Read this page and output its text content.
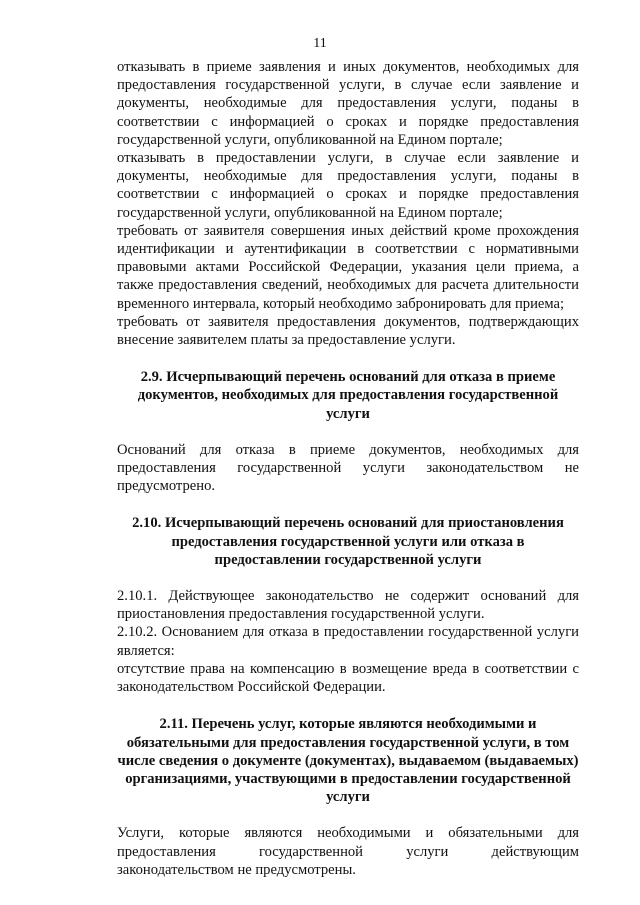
11

отказывать в приеме заявления и иных документов, необходимых для предоставления государственной услуги, в случае если заявление и документы, необходимые для предоставления услуги, поданы в соответствии с информацией о сроках и порядке предоставления государственной услуги, опубликованной на Едином портале;

отказывать в предоставлении услуги, в случае если заявление и документы, необходимые для предоставления услуги, поданы в соответствии с информацией о сроках и порядке предоставления государственной услуги, опубликованной на Едином портале;

требовать от заявителя совершения иных действий кроме прохождения идентификации и аутентификации в соответствии с нормативными правовыми актами Российской Федерации, указания цели приема, а также предоставления сведений, необходимых для расчета длительности временного интервала, который необходимо забронировать для приема;

требовать от заявителя предоставления документов, подтверждающих внесение заявителем платы за предоставление услуги.

2.9. Исчерпывающий перечень оснований для отказа в приеме документов, необходимых для предоставления государственной услуги

Оснований для отказа в приеме документов, необходимых для предоставления государственной услуги законодательством не предусмотрено.

2.10. Исчерпывающий перечень оснований для приостановления предоставления государственной услуги или отказа в предоставлении государственной услуги

2.10.1. Действующее законодательство не содержит оснований для приостановления предоставления государственной услуги.

2.10.2. Основанием для отказа в предоставлении государственной услуги является:

отсутствие права на компенсацию в возмещение вреда в соответствии с законодательством Российской Федерации.

2.11. Перечень услуг, которые являются необходимыми и обязательными для предоставления государственной услуги, в том числе сведения о документе (документах), выдаваемом (выдаваемых) организациями, участвующими в предоставлении государственной услуги

Услуги, которые являются необходимыми и обязательными для предоставления государственной услуги действующим законодательством не предусмотрены.
